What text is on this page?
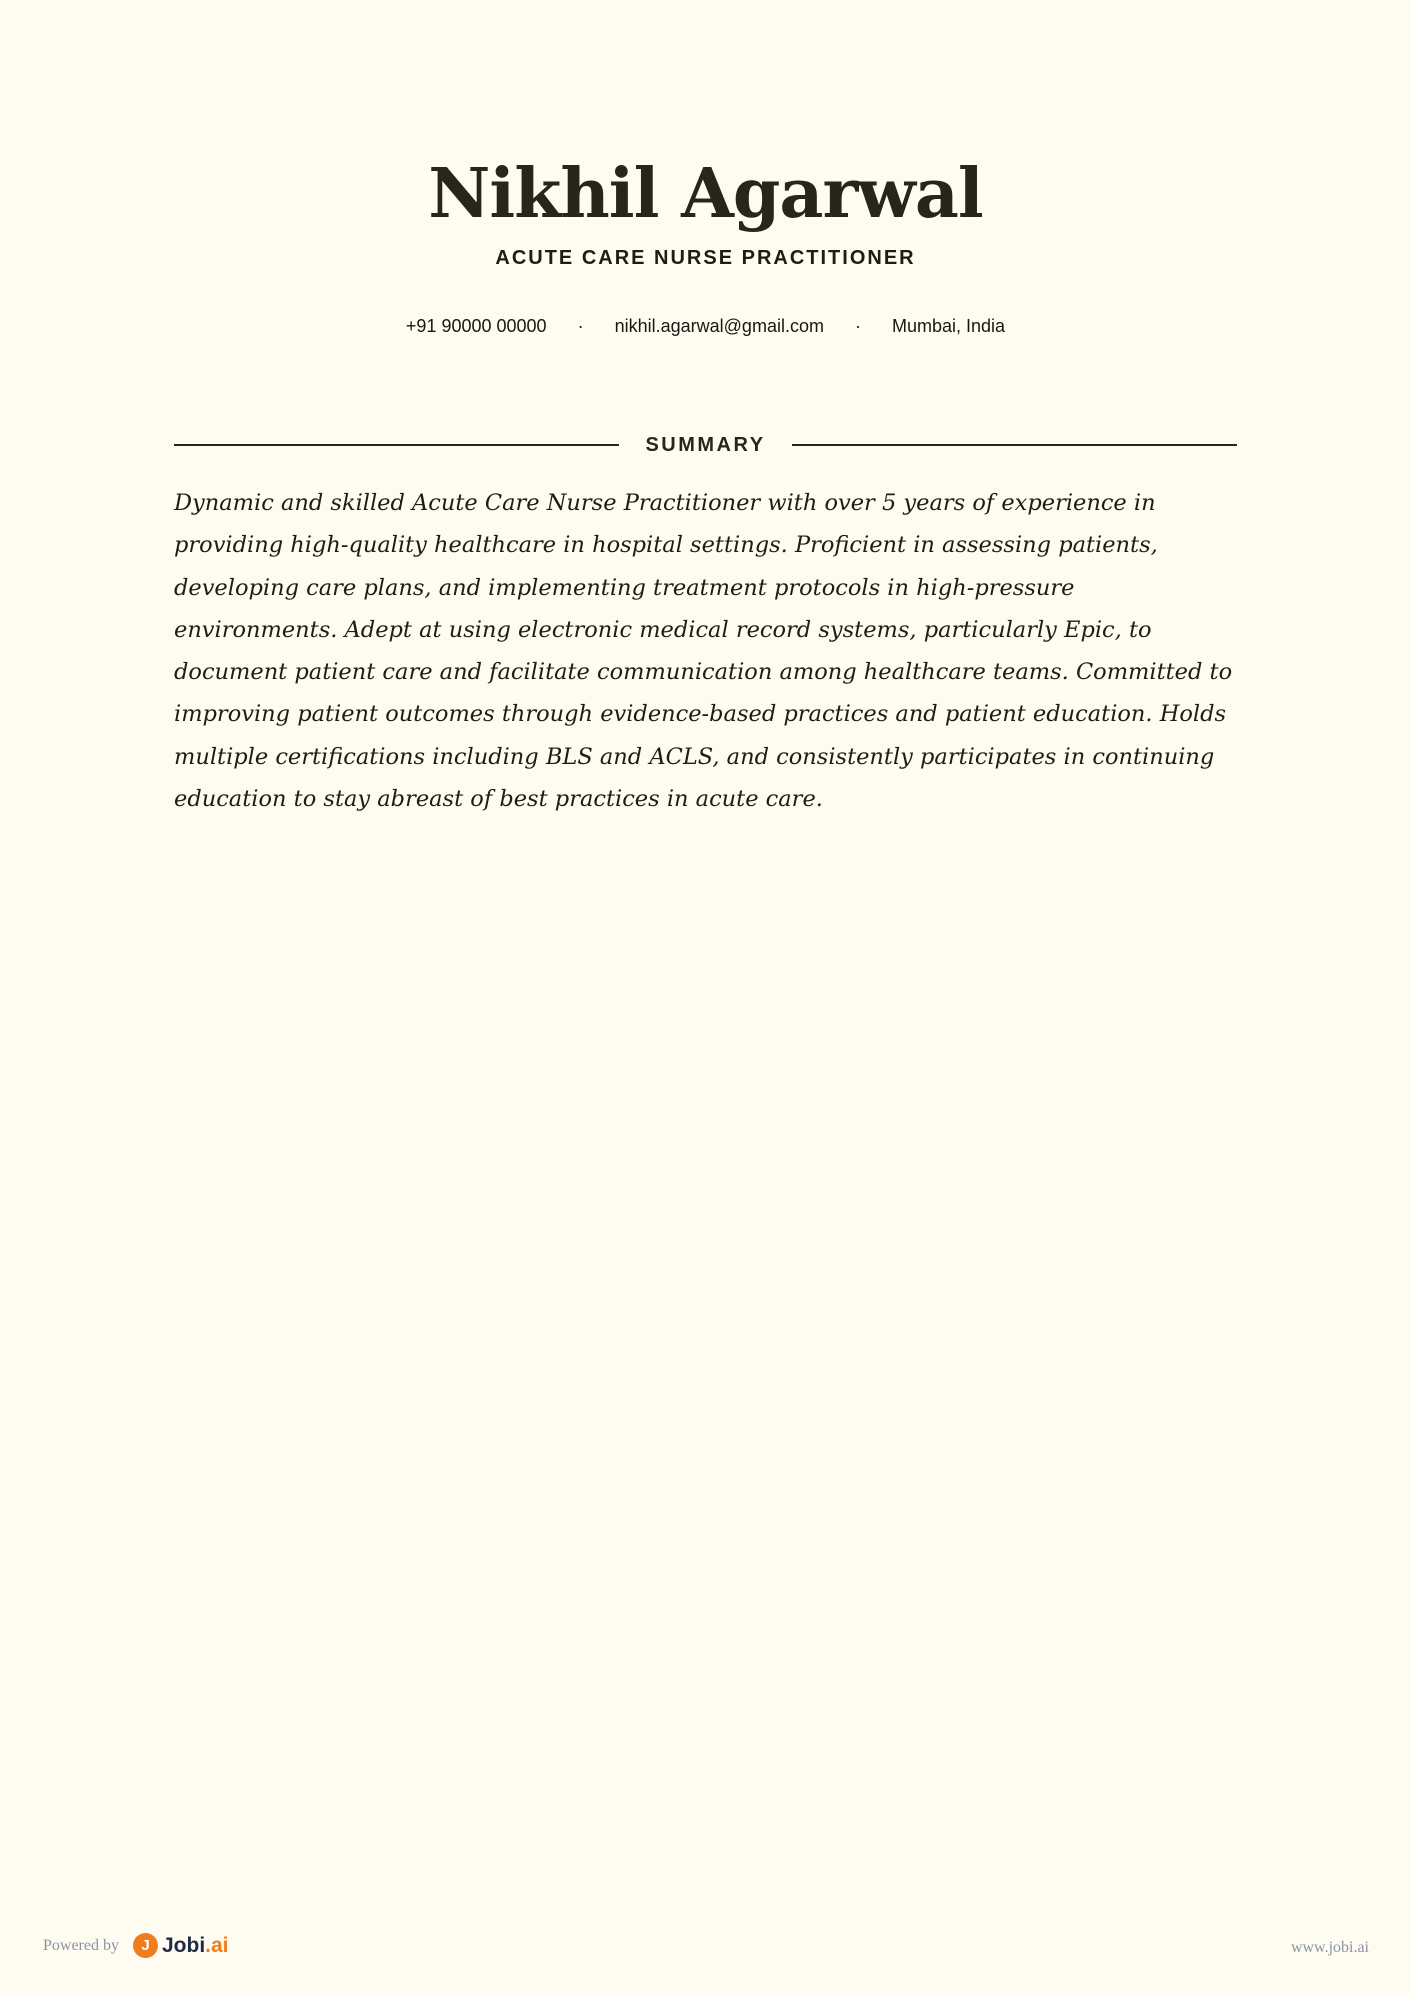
Nikhil Agarwal
ACUTE CARE NURSE PRACTITIONER
+91 90000 00000 · nikhil.agarwal@gmail.com · Mumbai, India
SUMMARY

Dynamic and skilled Acute Care Nurse Practitioner with over 5 years of experience in providing high-quality healthcare in hospital settings. Proficient in assessing patients, developing care plans, and implementing treatment protocols in high-pressure environments. Adept at using electronic medical record systems, particularly Epic, to document patient care and facilitate communication among healthcare teams. Committed to improving patient outcomes through evidence-based practices and patient education. Holds multiple certifications including BLS and ACLS, and consistently participates in continuing education to stay abreast of best practices in acute care.

Powered by	J Jobi.ai	www.jobi.ai
